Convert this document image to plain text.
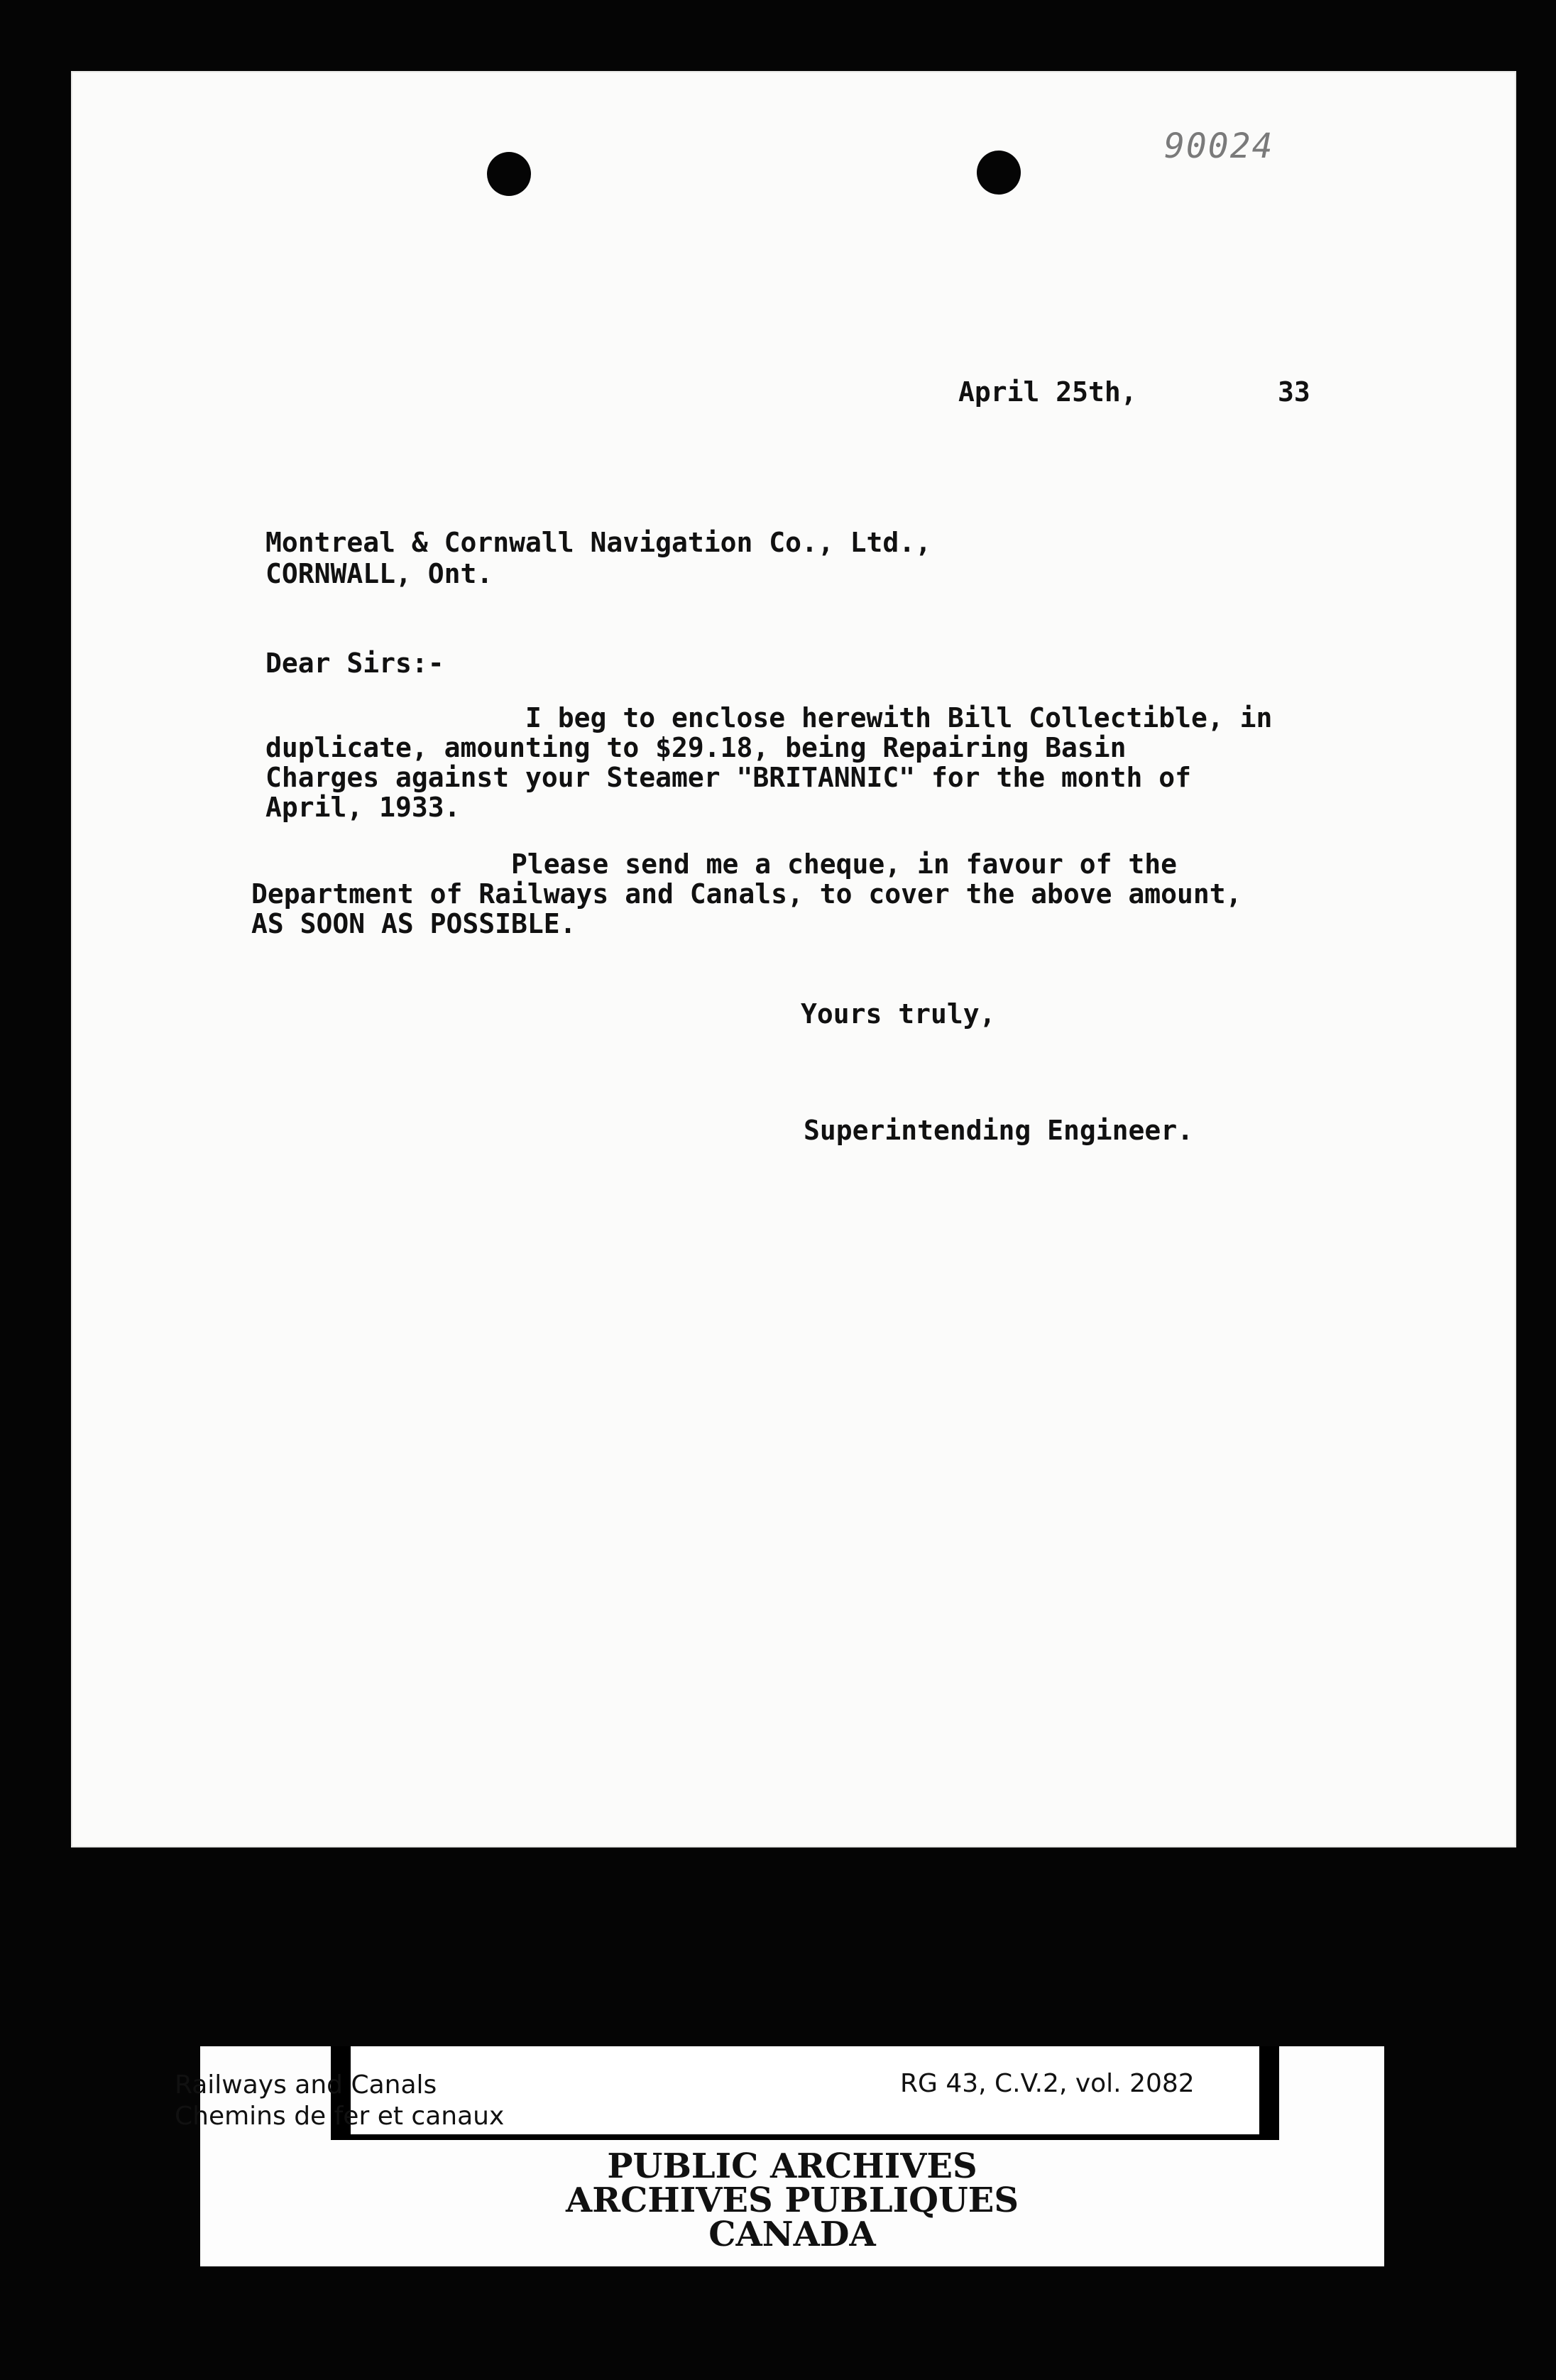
90024
April 25th,	33
Montreal & Cornwall Navigation Co., Ltd.,
CORNWALL, Ont.
Dear Sirs:-
I beg to enclose herewith Bill Collectible, in
duplicate, amounting to $29.18, being Repairing Basin
Charges against your Steamer "BRITANNIC" for the month of
April, 1933.
Please send me a cheque, in favour of the
Department of Railways and Canals, to cover the above amount,
AS SOON AS POSSIBLE.
Yours truly,
Superintending Engineer.
Railways and Canals
Chemins de fer et canaux
RG 43, C.V.2, vol. 2082
PUBLIC ARCHIVES
ARCHIVES PUBLIQUES
CANADA
